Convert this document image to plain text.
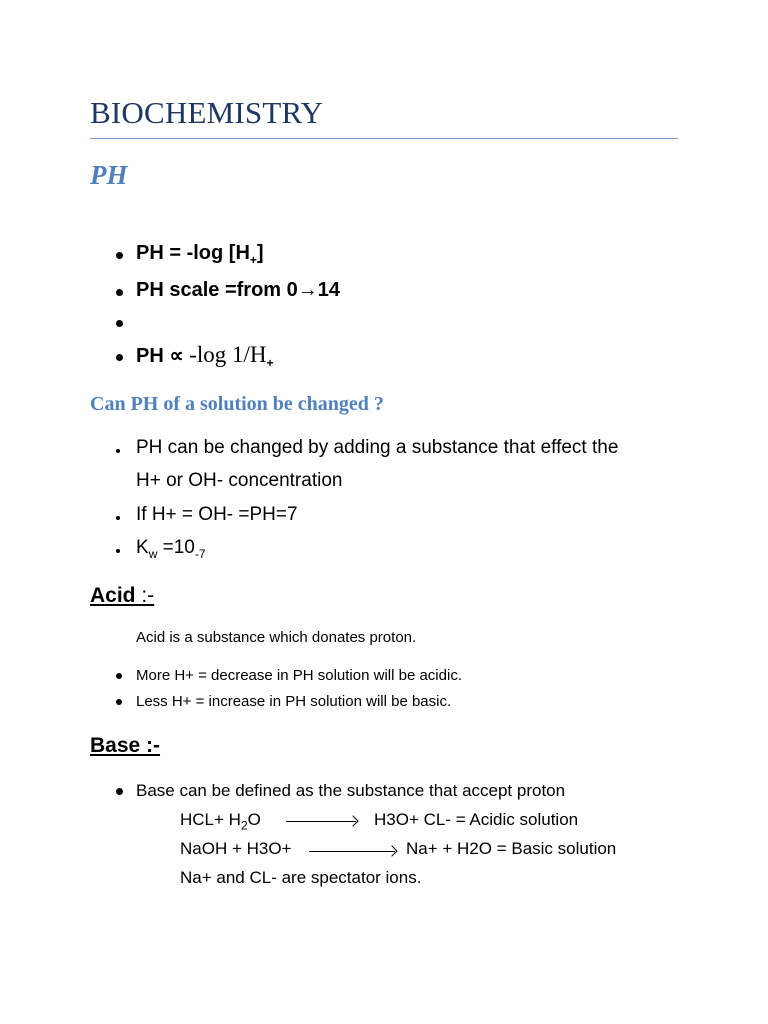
BIOCHEMISTRY
PH
PH = -log $[H_+]$
PH scale =from 0→14
PH ∝ -log $1/H_+$
Can PH of a solution be changed ?
PH can be changed by adding a substance that effect the
H+ or OH- concentration
If H+ = OH- =PH=7
$K_w =10_{-7}$
Acid :-
Acid is a substance which donates proton.
More H+ = decrease in PH solution will be acidic.
Less H+ = increase in PH solution will be basic.
Base :-
Base can be defined as the substance that accept proton
$HCL+ H_2O$	H3O+ CL- = Acidic solution
NaOH + H3O+	Na+ + H2O = Basic solution
Na+ and CL- are spectator ions.
